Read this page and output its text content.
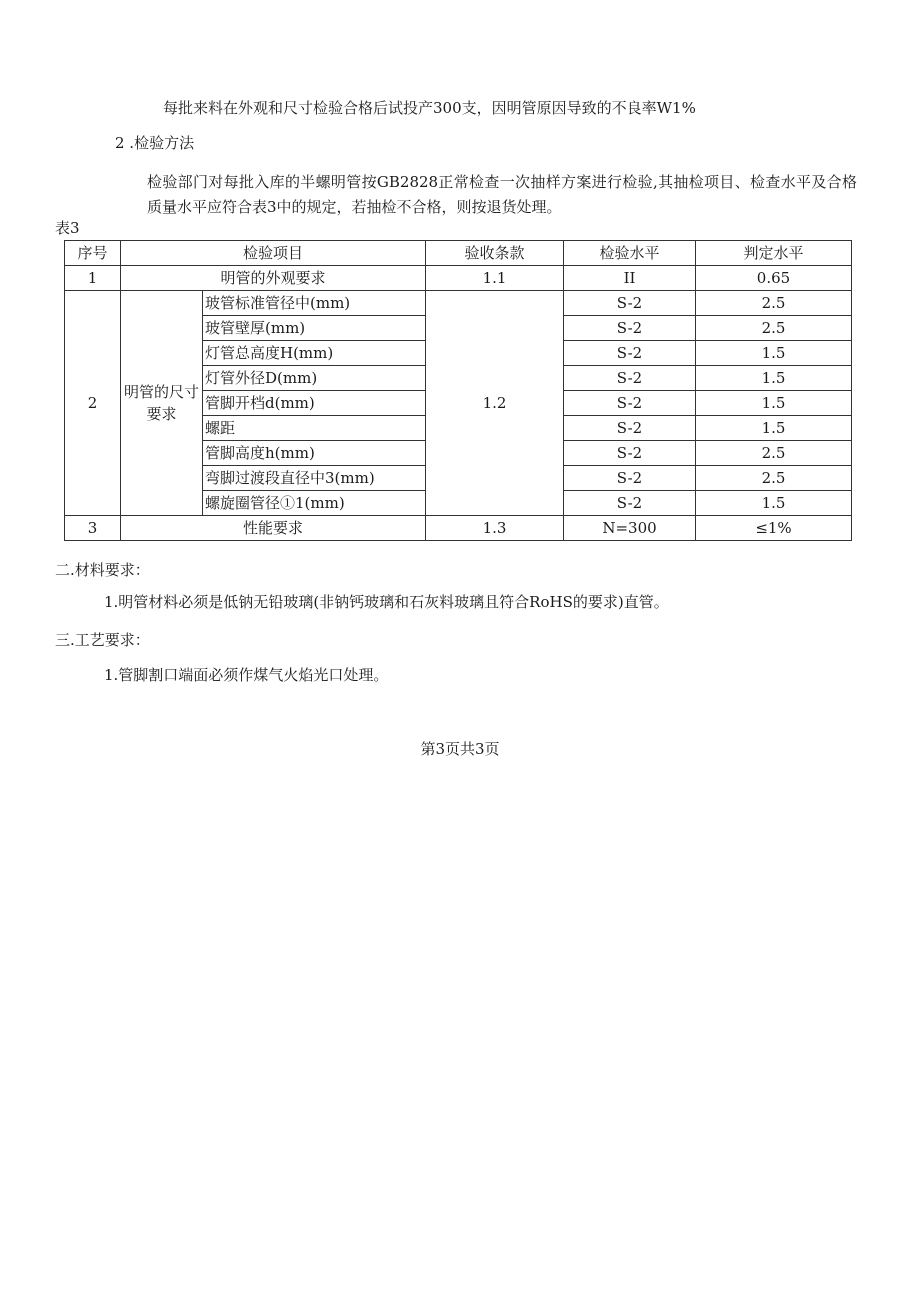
每批来料在外观和尺寸检验合格后试投产300支，因明管原因导致的不良率W1%
2 .检验方法
检验部门对每批入库的半螺明管按GB2828正常检查一次抽样方案进行检验,其抽检项目、检查水平及合格质量水平应符合表3中的规定，若抽检不合格，则按退货处理。
表3
序号	检验项目		验收条款	检验水平	判定水平
1	明管的外观要求		1.1	II	0.65
2	明管的尺寸要求	玻管标准管径中(mm)	1.2	S-2	2.5
		玻管壁厚(mm)		S-2	2.5
		灯管总高度H(mm)		S-2	1.5
		灯管外径D(mm)		S-2	1.5
		管脚开档d(mm)		S-2	1.5
		螺距		S-2	1.5
		管脚高度h(mm)		S-2	2.5
		弯脚过渡段直径中3(mm)		S-2	2.5
		螺旋圈管径①1(mm)		S-2	1.5
3	性能要求		1.3	N=300	≤1%
二.材料要求：
1.明管材料必须是低钠无铅玻璃(非钠钙玻璃和石灰料玻璃且符合RoHS的要求)直管。
三.工艺要求：
1.管脚割口端面必须作煤气火焰光口处理。
第3页共3页
